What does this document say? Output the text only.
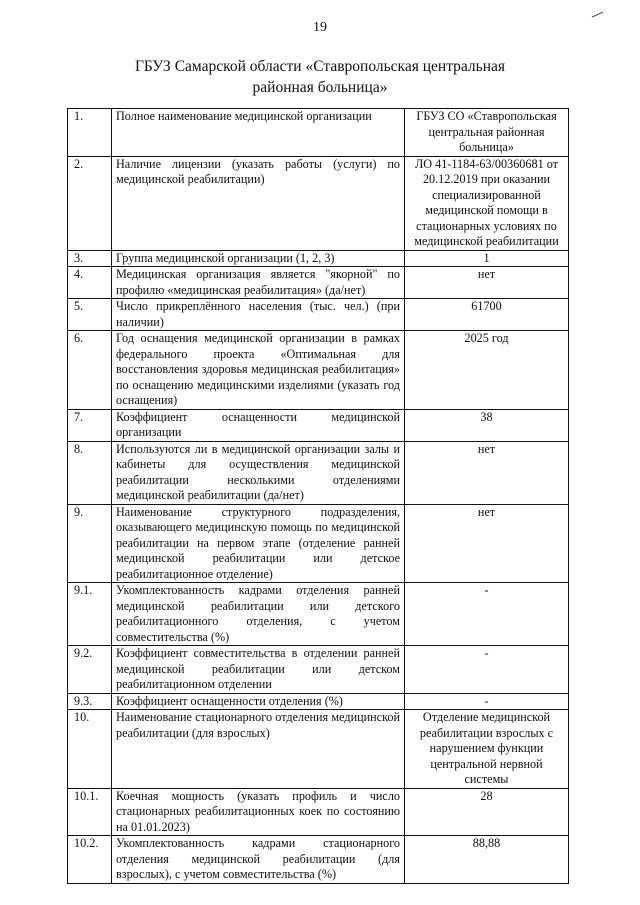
19
ГБУЗ Самарской области «Ставропольская центральная
районная больница»
1.	Полное наименование медицинской организации	ГБУЗ СО «Ставропольская центральная районная больница»
2.	Наличие лицензии (указать работы (услуги) по медицинской реабилитации)	ЛО 41-1184-63/00360681 от 20.12.2019 при оказании специализированной медицинской помощи в стационарных условиях по медицинской реабилитации
3.	Группа медицинской организации (1, 2, 3)	1
4.	Медицинская организация является "якорной" по профилю «медицинская реабилитация» (да/нет)	нет
5.	Число прикреплённого населения (тыс. чел.) (при наличии)	61700
6.	Год оснащения медицинской организации в рамках федерального проекта «Оптимальная для восстановления здоровья медицинская реабилитация» по оснащению медицинскими изделиями (указать год оснащения)	2025 год
7.	Коэффициент оснащенности медицинской организации	38
8.	Используются ли в медицинской организации залы и кабинеты для осуществления медицинской реабилитации несколькими отделениями медицинской реабилитации (да/нет)	нет
9.	Наименование структурного подразделения, оказывающего медицинскую помощь по медицинской реабилитации на первом этапе (отделение ранней медицинской реабилитации или детское реабилитационное отделение)	нет
9.1.	Укомплектованность кадрами отделения ранней медицинской реабилитации или детского реабилитационного отделения, с учетом совместительства (%)	-
9.2.	Коэффициент совместительства в отделении ранней медицинской реабилитации или детском реабилитационном отделении	-
9.3.	Коэффициент оснащенности отделения (%)	-
10.	Наименование стационарного отделения медицинской реабилитации (для взрослых)	Отделение медицинской реабилитации взрослых с нарушением функции центральной нервной системы
10.1.	Коечная мощность (указать профиль и число стационарных реабилитационных коек по состоянию на 01.01.2023)	28
10.2.	Укомплектованность кадрами стационарного отделения медицинской реабилитации (для взрослых), с учетом совместительства (%)	88,88
